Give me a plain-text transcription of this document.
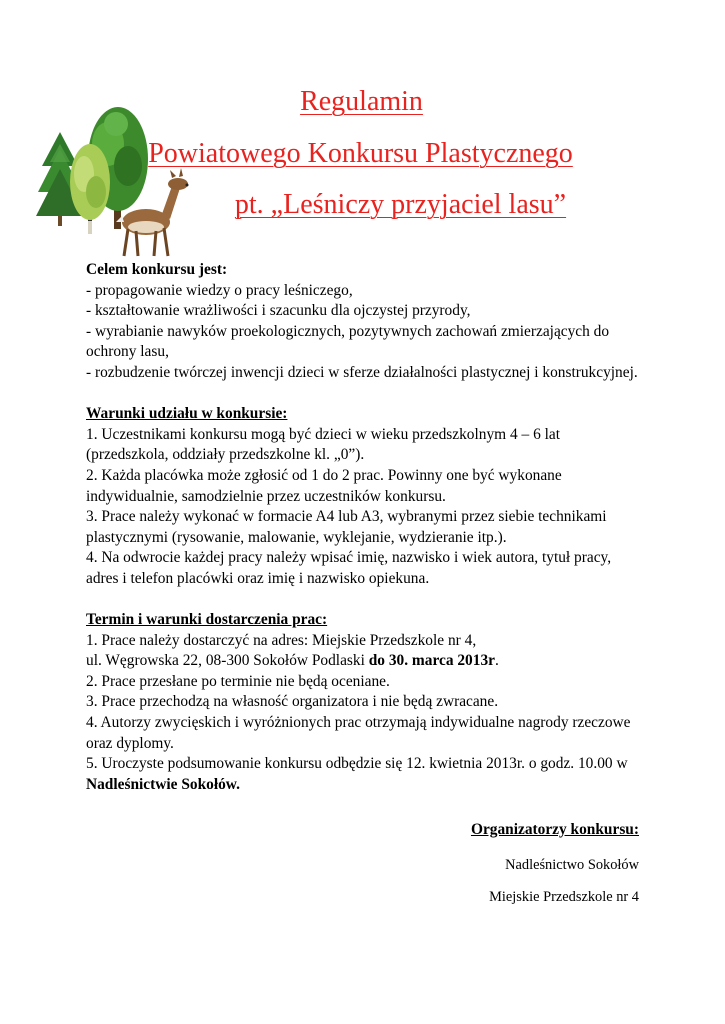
Regulamin
Powiatowego Konkursu Plastycznego
pt. „Leśniczy przyjaciel lasu”

Celem konkursu jest:

- propagowanie wiedzy o pracy leśniczego,

- kształtowanie wrażliwości i szacunku dla ojczystej przyrody,

- wyrabianie nawyków proekologicznych, pozytywnych zachowań zmierzających do ochrony lasu,

- rozbudzenie twórczej inwencji dzieci w sferze działalności plastycznej i konstrukcyjnej.

Warunki udziału w konkursie:

1. Uczestnikami konkursu mogą być dzieci w wieku przedszkolnym 4 – 6 lat (przedszkola, oddziały przedszkolne kl. „0”).

2. Każda placówka może zgłosić od 1 do 2 prac. Powinny one być wykonane indywidualnie, samodzielnie przez uczestników konkursu.

3. Prace należy wykonać w formacie A4 lub A3, wybranymi przez siebie technikami plastycznymi (rysowanie, malowanie, wyklejanie, wydzieranie itp.).

4. Na odwrocie każdej pracy należy wpisać imię, nazwisko i wiek autora, tytuł pracy, adres i telefon placówki oraz imię i nazwisko opiekuna.

Termin i warunki dostarczenia prac:

1. Prace należy dostarczyć na adres: Miejskie Przedszkole nr 4,

ul. Węgrowska 22, 08-300 Sokołów Podlaski do 30. marca 2013r.

2. Prace przesłane po terminie nie będą oceniane.

3. Prace przechodzą na własność organizatora i nie będą zwracane.

4. Autorzy zwycięskich i wyróżnionych prac otrzymają indywidualne nagrody rzeczowe oraz dyplomy.

5. Uroczyste podsumowanie konkursu odbędzie się 12. kwietnia 2013r. o godz. 10.00 w Nadleśnictwie Sokołów.

Organizatorzy konkursu:
Nadleśnictwo Sokołów
Miejskie Przedszkole nr 4
